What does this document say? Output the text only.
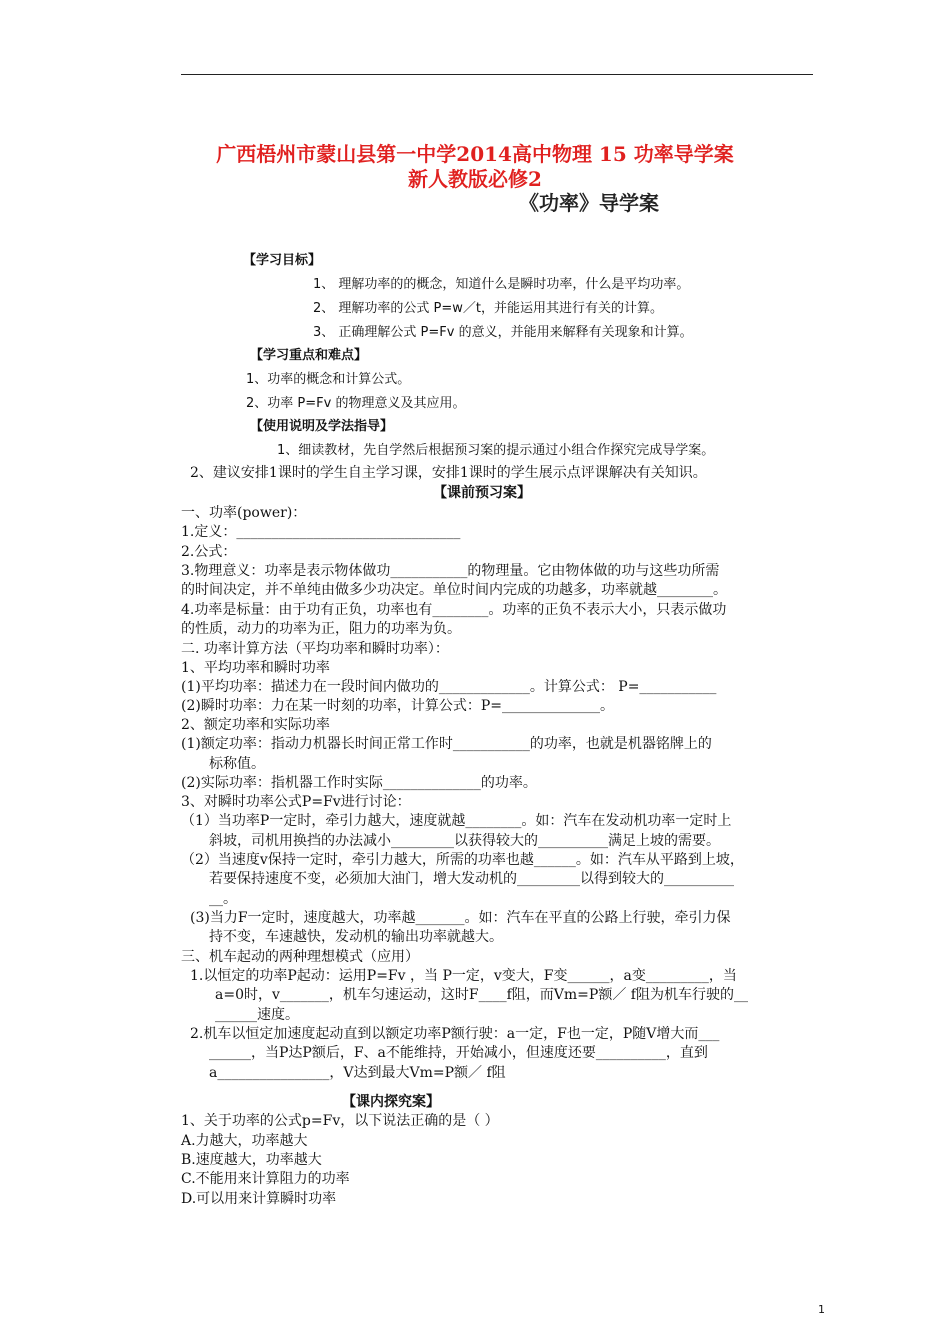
广西梧州市蒙山县第一中学2014高中物理 15 功率导学案
新人教版必修2
《功率》导学案
【学习目标】
1、 理解功率的的概念，知道什么是瞬时功率，什么是平均功率。
2、 理解功率的公式 P=w／t，并能运用其进行有关的计算。
3、 正确理解公式 P=Fv 的意义，并能用来解释有关现象和计算。
【学习重点和难点】
1、功率的概念和计算公式。
2、功率 P=Fv 的物理意义及其应用。
【使用说明及学法指导】
1、细读教材，先自学然后根据预习案的提示通过小组合作探究完成导学案。
2、建议安排1课时的学生自主学习课，安排1课时的学生展示点评课解决有关知识。
【课前预习案】
一、功率(power)：
1.定义：________________________________
2.公式：
3.物理意义：功率是表示物体做功___________的物理量。它由物体做的功与这些功所需
的时间决定，并不单纯由做多少功决定。单位时间内完成的功越多，功率就越________。
4.功率是标量：由于功有正负，功率也有________。功率的正负不表示大小，只表示做功
的性质，动力的功率为正，阻力的功率为负。
二. 功率计算方法（平均功率和瞬时功率）：
1、平均功率和瞬时功率
(1)平均功率：描述力在一段时间内做功的_____________。计算公式： P=___________
(2)瞬时功率：力在某一时刻的功率，计算公式：P=______________。
2、额定功率和实际功率
(1)额定功率：指动力机器长时间正常工作时___________的功率，也就是机器铭牌上的
标称值。
(2)实际功率：指机器工作时实际______________的功率。
3、对瞬时功率公式P=Fv进行讨论：
（1）当功率P一定时，牵引力越大，速度就越________。如：汽车在发动机功率一定时上
斜坡，司机用换挡的办法减小_________以获得较大的__________满足上坡的需要。
（2）当速度v保持一定时，牵引力越大，所需的功率也越______。如：汽车从平路到上坡，
若要保持速度不变，必须加大油门，增大发动机的_________以得到较大的__________
__。
(3)当力F一定时，速度越大，功率越_______。如：汽车在平直的公路上行驶，牵引力保
持不变，车速越快，发动机的输出功率就越大。
三、机车起动的两种理想模式（应用）
1.以恒定的功率P起动：运用P=Fv ，当 P一定，v变大，F变______，a变_________，当
a=0时，v_______，机车匀速运动，这时F____f阻，而Vm=P额／ f阻为机车行驶的__
______速度。
2.机车以恒定加速度起动直到以额定功率P额行驶：a一定，F也一定，P随V增大而___
______，当P达P额后，F、a不能维持，开始减小，但速度还要__________，直到
a________________，V达到最大Vm=P额／ f阻
【课内探究案】
1、关于功率的公式p=Fv，以下说法正确的是（ ）
A.力越大，功率越大
B.速度越大，功率越大
C.不能用来计算阻力的功率
D.可以用来计算瞬时功率
1
